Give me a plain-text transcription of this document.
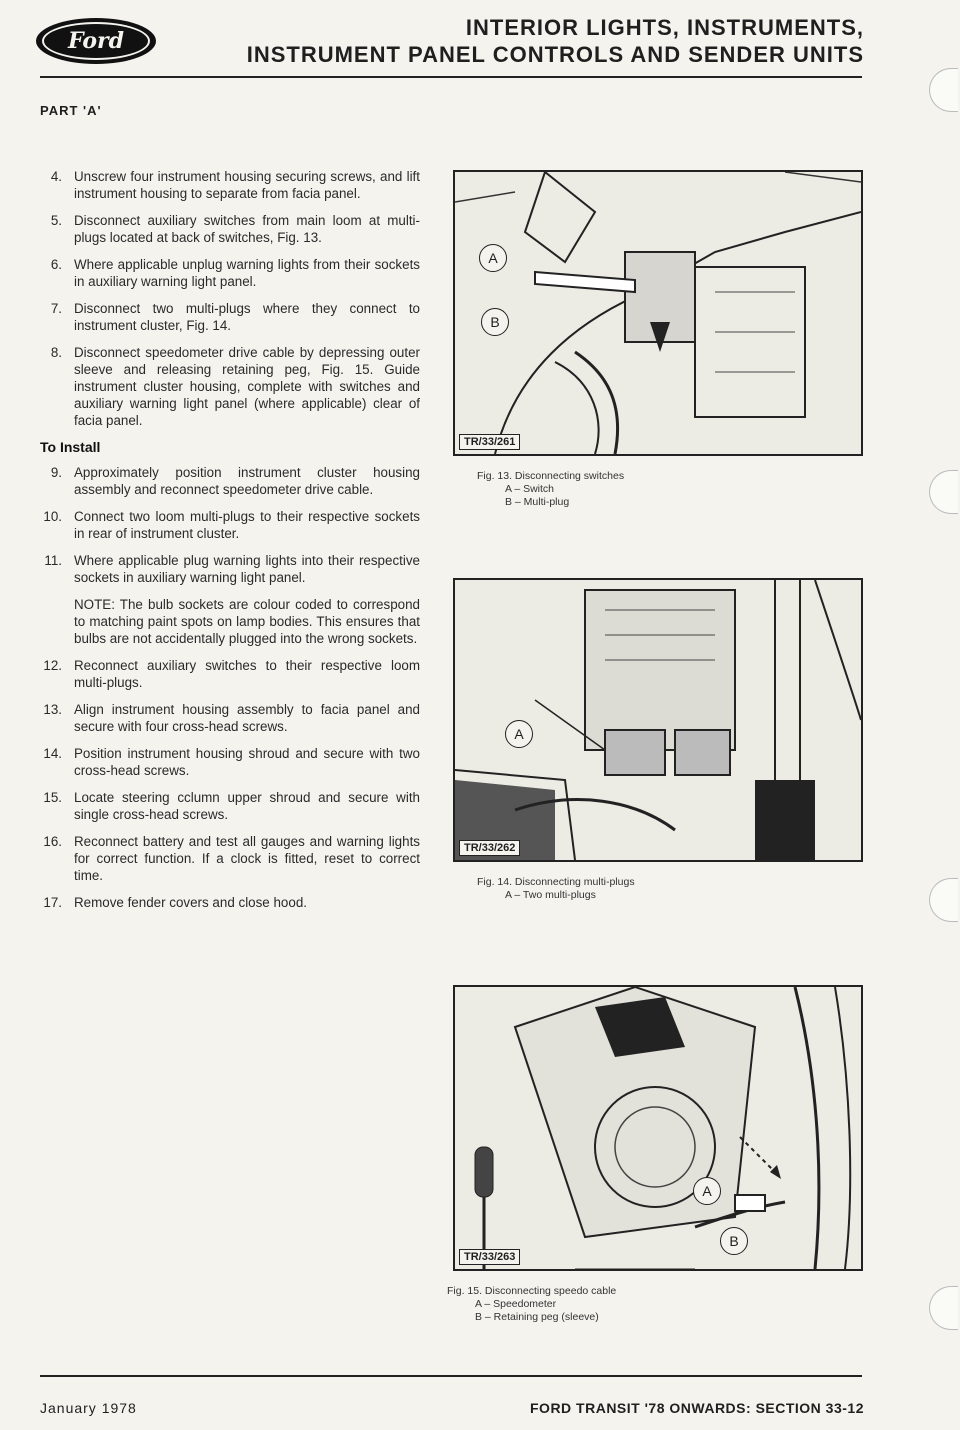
Ford
INTERIOR LIGHTS, INSTRUMENTS,
INSTRUMENT PANEL CONTROLS AND SENDER UNITS
PART 'A'
4. Unscrew four instrument housing securing screws, and lift instrument housing to separate from facia panel.
5. Disconnect auxiliary switches from main loom at multi-plugs located at back of switches, Fig. 13.
6. Where applicable unplug warning lights from their sockets in auxiliary warning light panel.
7. Disconnect two multi-plugs where they connect to instrument cluster, Fig. 14.
8. Disconnect speedometer drive cable by depressing outer sleeve and releasing retaining peg, Fig. 15. Guide instrument cluster housing, complete with switches and auxiliary warning light panel (where applicable) clear of facia panel.
To Install
9. Approximately position instrument cluster housing assembly and reconnect speedometer drive cable.
10. Connect two loom multi-plugs to their respective sockets in rear of instrument cluster.
11. Where applicable plug warning lights into their respective sockets in auxiliary warning light panel.
NOTE: The bulb sockets are colour coded to correspond to matching paint spots on lamp bodies. This ensures that bulbs are not accidentally plugged into the wrong sockets.
12. Reconnect auxiliary switches to their respective loom multi-plugs.
13. Align instrument housing assembly to facia panel and secure with four cross-head screws.
14. Position instrument housing shroud and secure with two cross-head screws.
15. Locate steering cclumn upper shroud and secure with single cross-head screws.
16. Reconnect battery and test all gauges and warning lights for correct function. If a clock is fitted, reset to correct time.
17. Remove fender covers and close hood.
A
B
TR/33/261
Fig. 13. Disconnecting switches
A – Switch
B – Multi-plug
A
TR/33/262
Fig. 14. Disconnecting multi-plugs
A – Two multi-plugs
A
B
TR/33/263
Fig. 15. Disconnecting speedo cable
A – Speedometer
B – Retaining peg (sleeve)
January 1978	FORD TRANSIT '78 ONWARDS: SECTION 33-12
